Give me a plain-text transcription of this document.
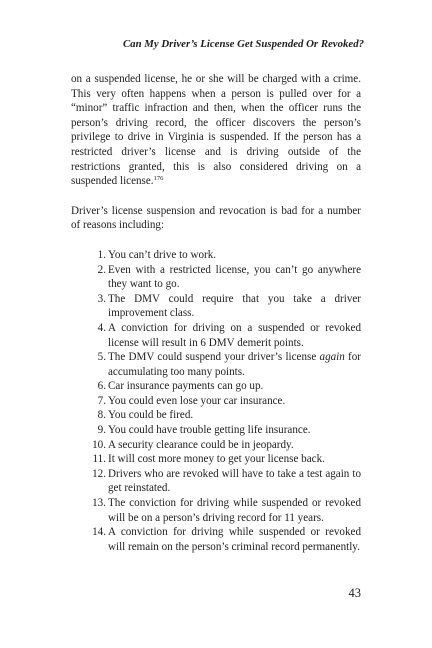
Can My Driver’s License Get Suspended Or Revoked?

on a suspended license, he or she will be charged with a crime. This very often happens when a person is pulled over for a “minor” traffic infraction and then, when the officer runs the person’s driving record, the officer discovers the person’s privilege to drive in Virginia is suspended. If the person has a restricted driver’s license and is driving outside of the restrictions granted, this is also considered driving on a suspended license.$^{176}$

Driver’s license suspension and revocation is bad for a number of reasons including:

1. You can’t drive to work.
2. Even with a restricted license, you can’t go anywhere they want to go.
3. The DMV could require that you take a driver improvement class.
4. A conviction for driving on a suspended or revoked license will result in 6 DMV demerit points.
5. The DMV could suspend your driver’s license again for accumulating too many points.
6. Car insurance payments can go up.
7. You could even lose your car insurance.
8. You could be fired.
9. You could have trouble getting life insurance.
10. A security clearance could be in jeopardy.
11. It will cost more money to get your license back.
12. Drivers who are revoked will have to take a test again to get reinstated.
13. The conviction for driving while suspended or revoked will be on a person’s driving record for 11 years.
14. A conviction for driving while suspended or revoked will remain on the person’s criminal record permanently.
43
